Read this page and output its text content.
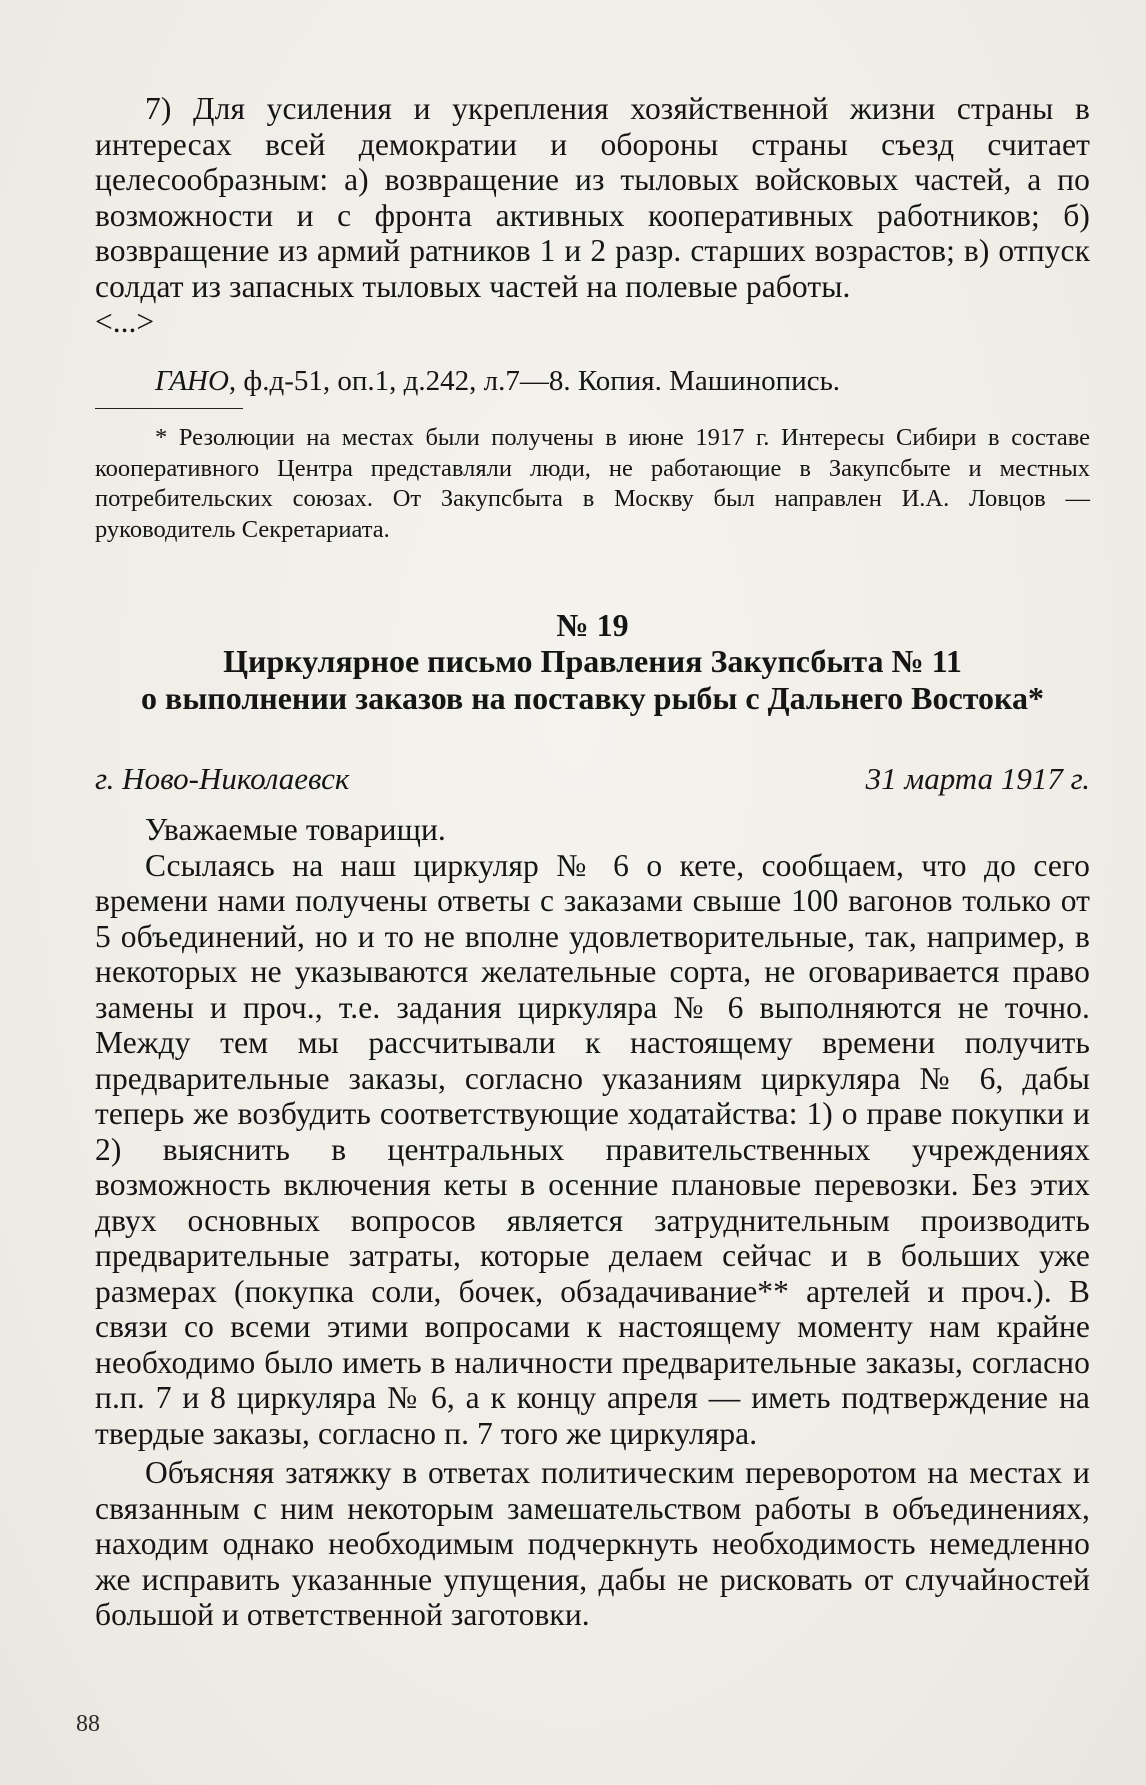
7) Для усиления и укрепления хозяйственной жизни страны в интересах всей демократии и обороны страны съезд считает целесообразным: а) возвращение из тыловых войсковых частей, а по возможности и с фронта активных кооперативных работников; б) возвращение из армий ратников 1 и 2 разр. старших возрастов; в) отпуск солдат из запасных тыловых частей на полевые работы.

<...>
ГАНО, ф.д-51, оп.1, д.242, л.7—8. Копия. Машинопись.

* Резолюции на местах были получены в июне 1917 г. Интересы Сибири в составе кооперативного Центра представляли люди, не работающие в Закупсбыте и местных потребительских союзах. От Закупсбыта в Москву был направлен И.А. Ловцов — руководитель Секретариата.

№ 19
Циркулярное письмо Правления Закупсбыта № 11
о выполнении заказов на поставку рыбы с Дальнего Востока*
г. Ново-Николаевск	31 марта 1917 г.

Уважаемые товарищи.

Ссылаясь на наш циркуляр № 6 о кете, сообщаем, что до сего времени нами получены ответы с заказами свыше 100 вагонов только от 5 объединений, но и то не вполне удовлетворительные, так, например, в некоторых не указываются желательные сорта, не оговаривается право замены и проч., т.е. задания циркуляра № 6 выполняются не точно. Между тем мы рассчитывали к настоящему времени получить предварительные заказы, согласно указаниям циркуляра № 6, дабы теперь же возбудить соответствующие ходатайства: 1) о праве покупки и 2) выяснить в центральных правительственных учреждениях возможность включения кеты в осенние плановые перевозки. Без этих двух основных вопросов является затруднительным производить предварительные затраты, которые делаем сейчас и в больших уже размерах (покупка соли, бочек, обзадачивание** артелей и проч.). В связи со всеми этими вопросами к настоящему моменту нам крайне необходимо было иметь в наличности предварительные заказы, согласно п.п. 7 и 8 циркуляра № 6, а к концу апреля — иметь подтверждение на твердые заказы, согласно п. 7 того же циркуляра.

Объясняя затяжку в ответах политическим переворотом на местах и связанным с ним некоторым замешательством работы в объединениях, находим однако необходимым подчеркнуть необходимость немедленно же исправить указанные упущения, дабы не рисковать от случайностей большой и ответственной заготовки.

88
